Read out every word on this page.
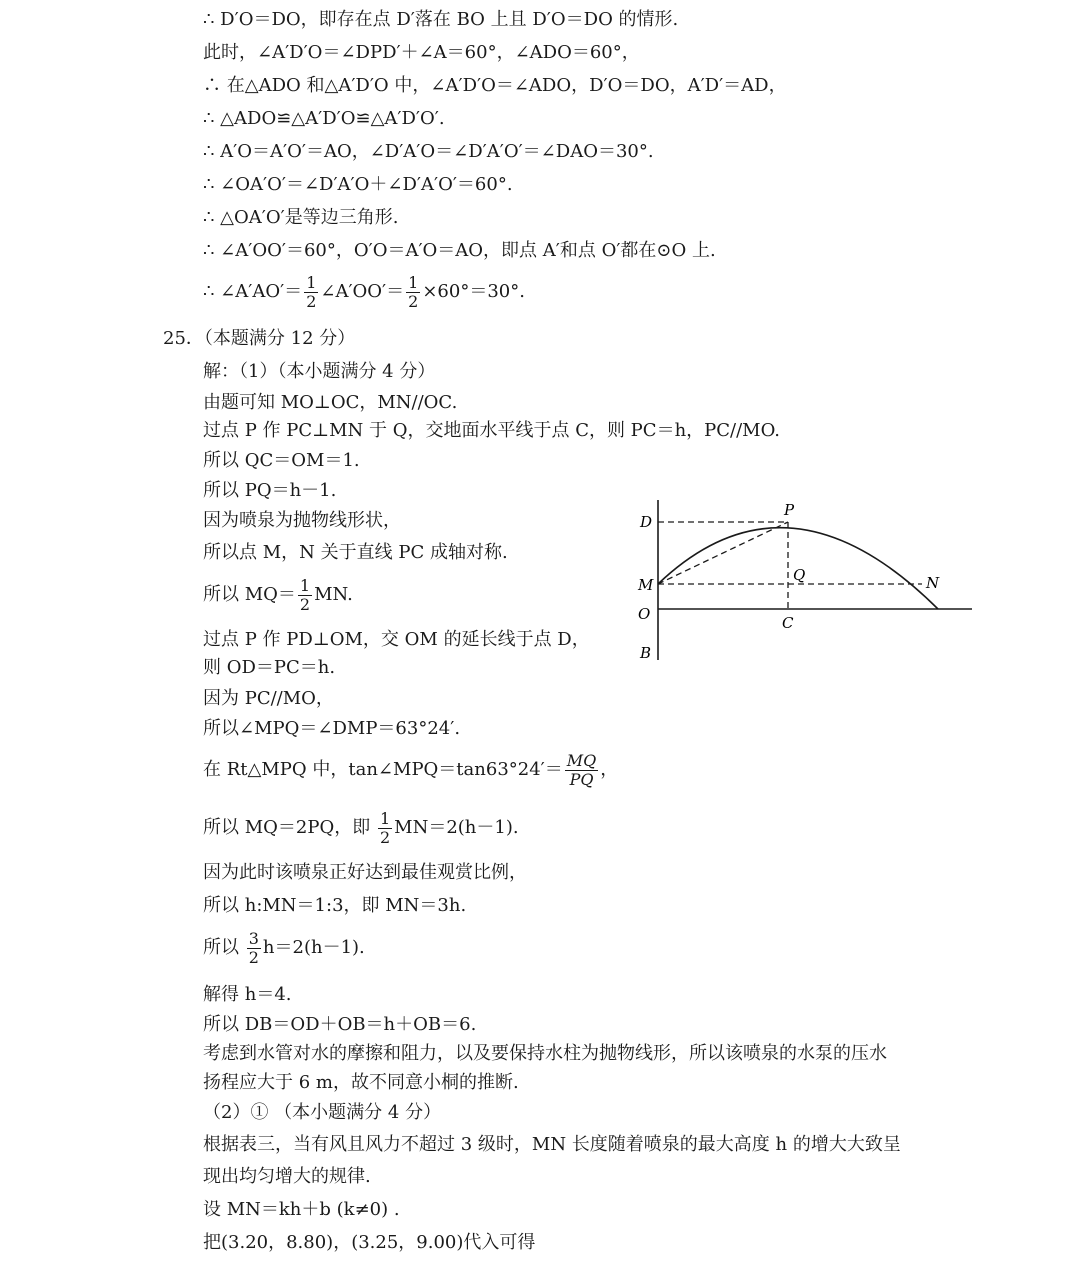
∴ D′O＝DO，即存在点 D′落在 BO 上且 D′O＝DO 的情形.
此时，∠A′D′O＝∠DPD′＋∠A＝60°，∠ADO＝60°，
∴ 在△ADO 和△A′D′O 中，∠A′D′O＝∠ADO，D′O＝DO，A′D′＝AD，
∴ △ADO≌△A′D′O≌△A′D′O′.
∴ A′O＝A′O′＝AO，∠D′A′O＝∠D′A′O′＝∠DAO＝30°.
∴ ∠OA′O′＝∠D′A′O＋∠D′A′O′＝60°.
∴ △OA′O′是等边三角形.
∴ ∠A′OO′＝60°，O′O＝A′O＝AO，即点 A′和点 O′都在⊙O 上.
∴ ∠A′AO′＝ $\frac{1}{2}$ ∠A′OO′＝ $\frac{1}{2} \times 60^\circ=30^\circ$.
25．（本题满分 12 分）
解：（1）（本小题满分 4 分）
由题可知 MO⊥OC，MN//OC.
过点 P 作 PC⊥MN 于 Q，交地面水平线于点 C，则 PC＝h，PC//MO.
所以 QC＝OM＝1.
所以 PQ＝h－1.
因为喷泉为抛物线形状，
所以点 M，N 关于直线 PC 成轴对称.
所以 $MQ= \frac{1}{2}$ MN.
过点 P 作 PD⊥OM，交 OM 的延长线于点 D，
则 OD＝PC＝h.
因为 PC//MO，
所以∠MPQ＝∠DMP＝63°24′.
在 Rt△MPQ 中，tan∠MPQ＝tan63°24′＝ $\frac{MQ}{PQ}$ ，
所以 MQ＝2PQ，即 $\frac{1}{2} MN=2(h-1)$.
因为此时该喷泉正好达到最佳观赏比例，
所以 h:MN＝1:3，即 MN＝3h.
所以 $\frac{3}{2} h=2(h-1)$.
解得 h＝4.
所以 DB＝OD＋OB＝h＋OB＝6.
考虑到水管对水的摩擦和阻力，以及要保持水柱为抛物线形，所以该喷泉的水泵的压水
扬程应大于 6 m，故不同意小桐的推断.
（2）① （本小题满分 4 分）
根据表三，当有风且风力不超过 3 级时，MN 长度随着喷泉的最大高度 h 的增大大致呈
现出均匀增大的规律.
设 MN＝kh＋b (k≠0) .
把(3.20，8.80)，(3.25，9.00)代入可得
D
P
M
Q	N
O	C
B
